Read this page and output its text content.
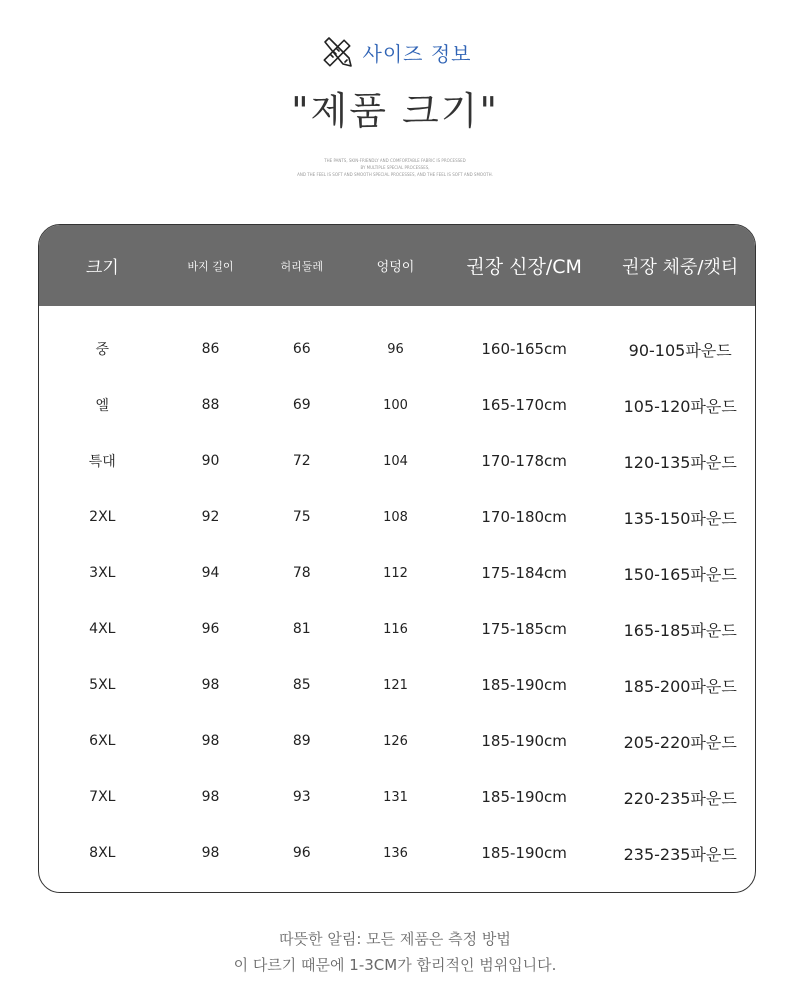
사이즈 정보
"제품 크기"
THE PANTS, SKIN-FRIENDLY AND COMFORTABLE FABRIC IS PROCESSED
BY MULTIPLE SPECIAL PROCESSES,
AND THE FEEL IS SOFT AND SMOOTH SPECIAL PROCESSES, AND THE FEEL IS SOFT AND SMOOTH.
크기	바지 길이	허리둘레	엉덩이	권장 신장/CM	권장 체중/캣티
중	86	66	96	160-165cm	90-105파운드
엘	88	69	100	165-170cm	105-120파운드
특대	90	72	104	170-178cm	120-135파운드
2XL	92	75	108	170-180cm	135-150파운드
3XL	94	78	112	175-184cm	150-165파운드
4XL	96	81	116	175-185cm	165-185파운드
5XL	98	85	121	185-190cm	185-200파운드
6XL	98	89	126	185-190cm	205-220파운드
7XL	98	93	131	185-190cm	220-235파운드
8XL	98	96	136	185-190cm	235-235파운드
따뜻한 알림: 모든 제품은 측정 방법
이 다르기 때문에 1-3CM가 합리적인 범위입니다.
